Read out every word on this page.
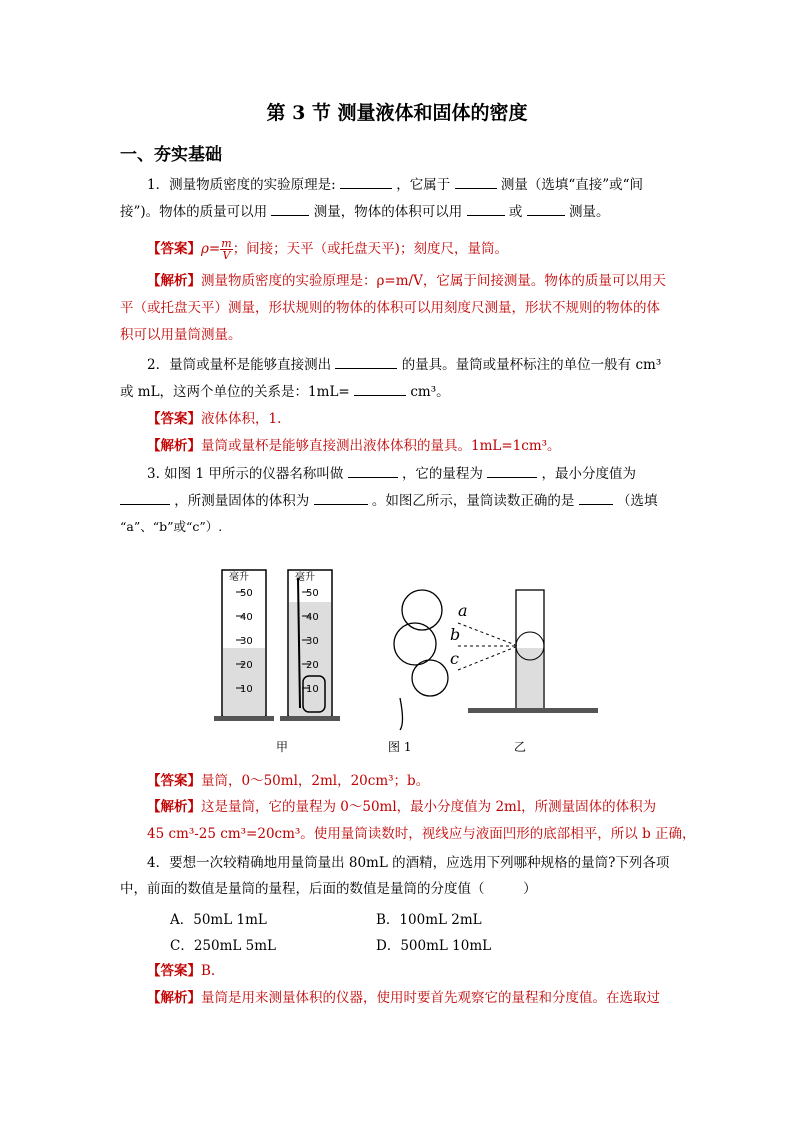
第 3 节 测量液体和固体的密度
一、夯实基础
1．测量物质密度的实验原理是:	，它属于	测量（选填“直接”或“间
接”)。物体的质量可以用	测量，物体的体积可以用	或	测量。
【答案】$\rho= \frac{m}{V}$ ；间接；天平（或托盘天平)；刻度尺，量筒。
【解析】测量物质密度的实验原理是：ρ=m/V，它属于间接测量。物体的质量可以用天
平（或托盘天平）测量，形状规则的物体的体积可以用刻度尺测量，形状不规则的物体的体
积可以用量筒测量。
2．量筒或量杯是能够直接测出	的量具。量筒或量杯标注的单位一般有 cm³
或 mL，这两个单位的关系是：1mL=	cm³。
【答案】液体体积，1.
【解析】量筒或量杯是能够直接测出液体体积的量具。1mL=1cm³。
3. 如图 1 甲所示的仪器名称叫做	，它的量程为	，最小分度值为
，所测量固体的体积为	。如图乙所示，量筒读数正确的是	（选填
“a”、“b”或“c”）.
毫升	毫升
50
40
30
20
10
50
40
30
20
10
a
b
c
甲	图 1	乙
【答案】量筒，0～50ml，2ml，20cm³；b。
【解析】这是量筒，它的量程为 0～50ml，最小分度值为 2ml，所测量固体的体积为
45 cm³-25 cm³=20cm³。使用量筒读数时，视线应与液面凹形的底部相平，所以 b 正确，
4．要想一次较精确地用量筒量出 80mL 的酒精，应选用下列哪种规格的量筒?下列各项
中，前面的数值是量筒的量程，后面的数值是量筒的分度值（	）
A．50mL 1mL	B．100mL 2mL
C．250mL 5mL	D．500mL 10mL
【答案】B.
【解析】量筒是用来测量体积的仪器，使用时要首先观察它的量程和分度值。在选取过
